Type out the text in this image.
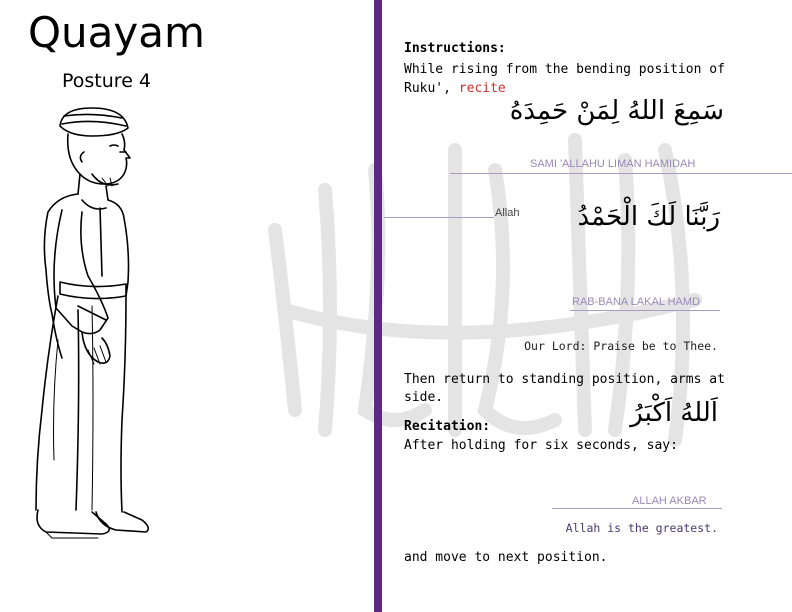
Quayam
Posture 4
Instructions:
While rising from the bending position of
Ruku', recite
سَمِعَ اللهُ لِمَنْ حَمِدَهُ
SAMI 'ALLAHU LIMAN HAMIDAH
Allah	رَبَّنَا لَكَ الْحَمْدُ
RAB-BANA LAKAL HAMD
Our Lord: Praise be to Thee.
Then return to standing position, arms at
side.
اَللهُ اَكْبَرُ
Recitation:
After holding for six seconds, say:
ALLAH AKBAR
Allah is the greatest.
and move to next position.
